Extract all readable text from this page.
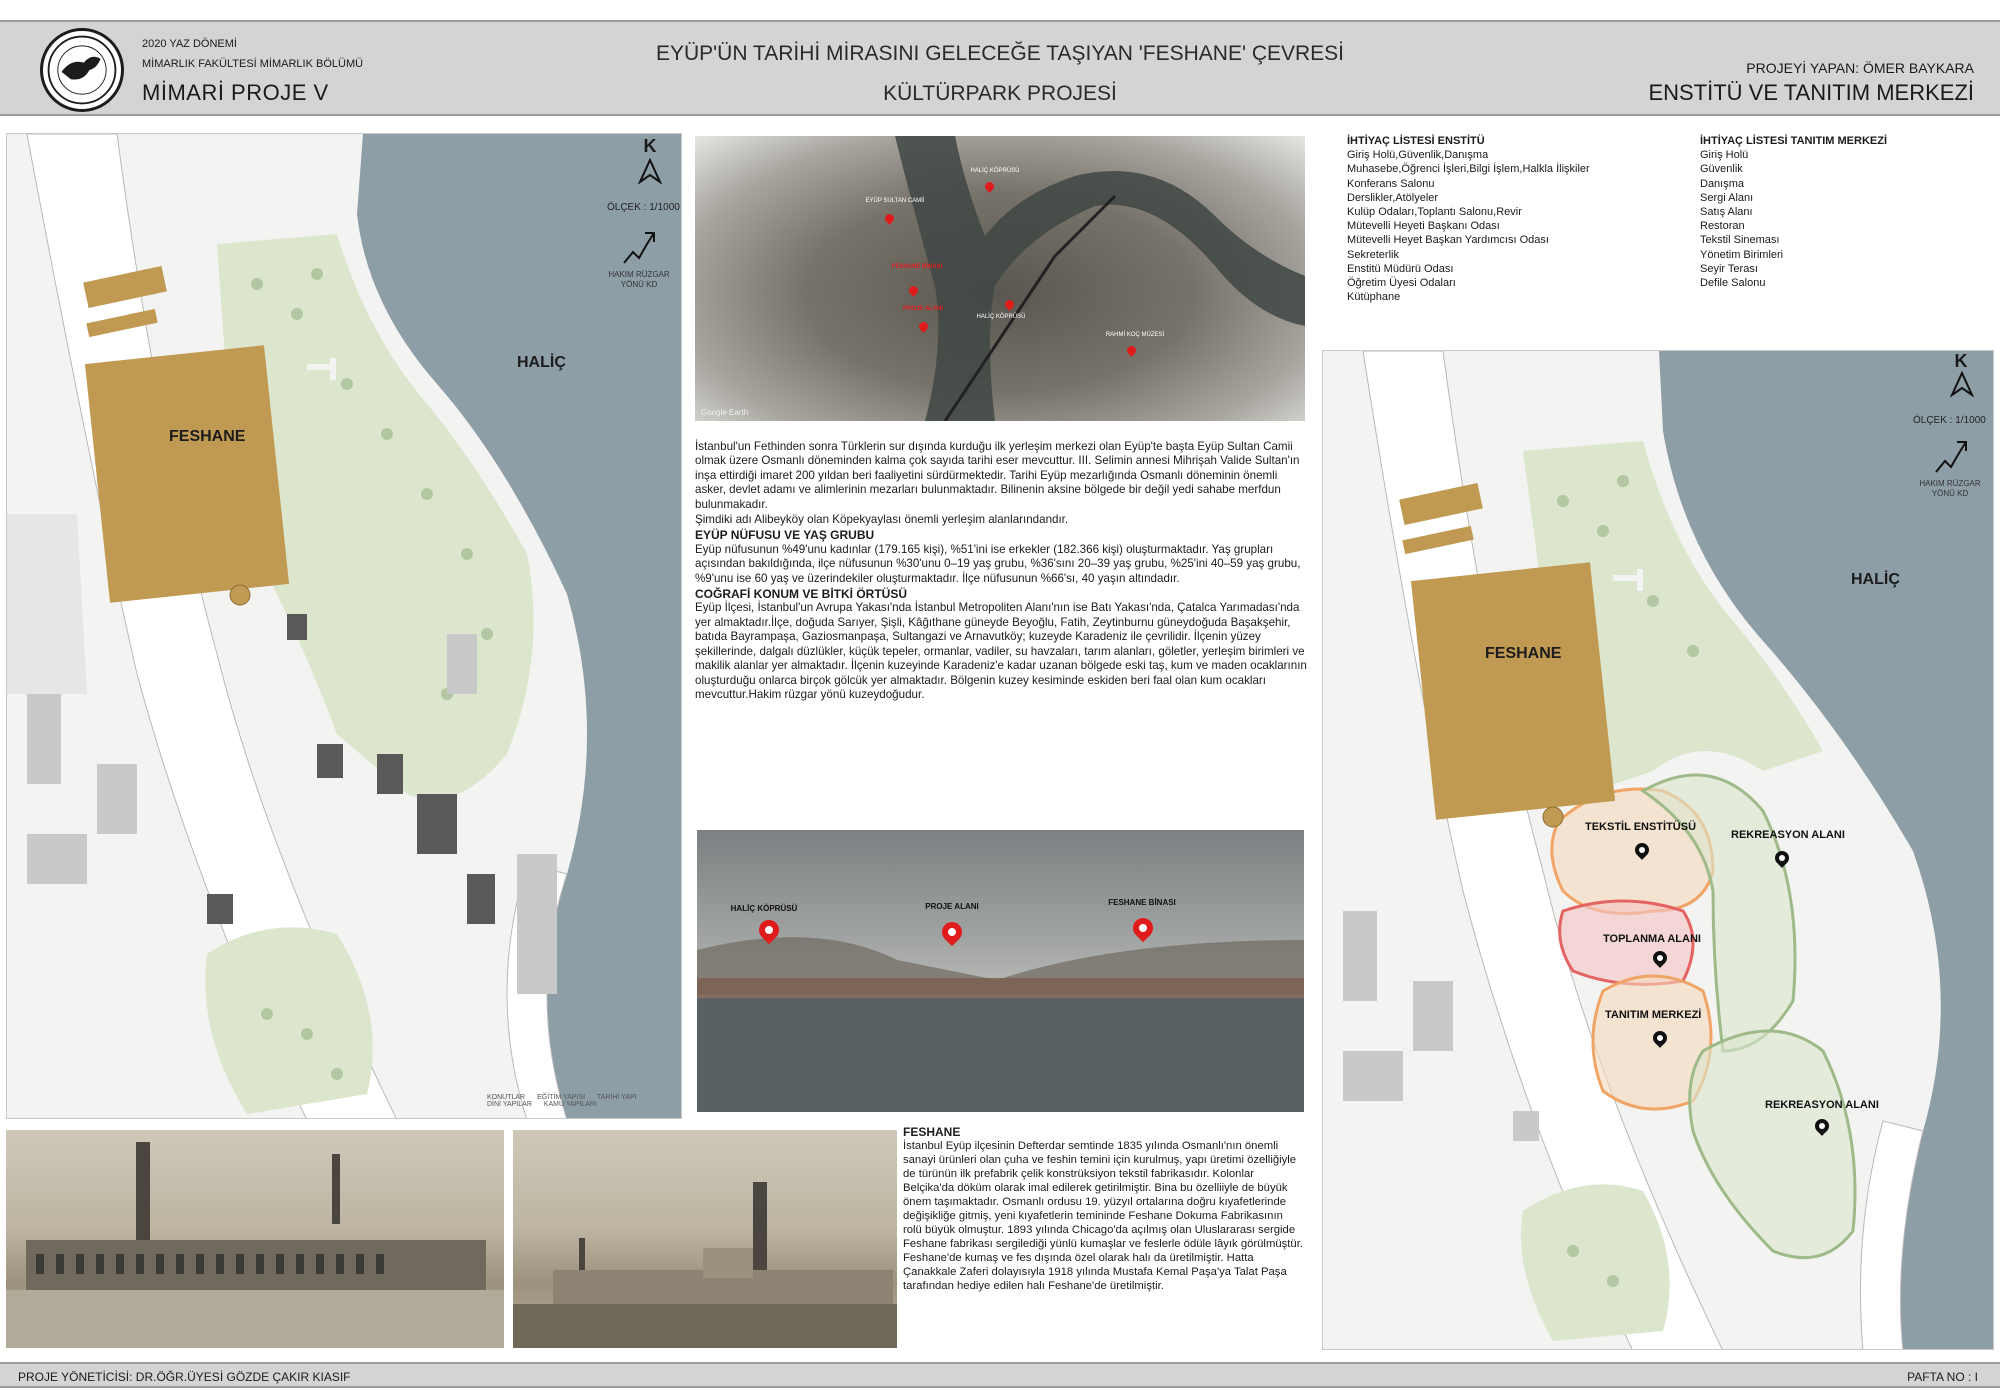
2020 YAZ DÖNEMİ
MİMARLIK FAKÜLTESİ MİMARLIK BÖLÜMÜ
MİMARİ PROJE V
EYÜP'ÜN TARİHİ MİRASINI GELECEĞE TAŞIYAN 'FESHANE' ÇEVRESİ
KÜLTÜRPARK PROJESİ
PROJEYİ YAPAN: ÖMER BAYKARA
ENSTİTÜ VE TANITIM MERKEZİ
FESHANE
HALİÇ
K
ÖLÇEK : 1/1000
HAKIM RÜZGAR YÖNÜ KD
KONUTLAR EĞİTİM YAPISI TARİHİ YAPI
DİNİ YAPILAR KAMU YAPILARI
HALİÇ KÖPRÜSÜ
EYÜP SULTAN CAMİİ
FESHANE BİNASI
PROJE ALANI
HALİÇ KÖPRÜSÜ
RAHMİ KOÇ MÜZESİ
Google Earth

İstanbul'un Fethinden sonra Türklerin sur dışında kurduğu ilk yerleşim merkezi olan Eyüp'te başta Eyüp Sultan Camii olmak üzere Osmanlı döneminden kalma çok sayıda tarihi eser mevcuttur. III. Selimin annesi Mihrişah Valide Sultan'ın inşa ettirdiği imaret 200 yıldan beri faaliyetini sürdürmektedir. Tarihi Eyüp mezarlığında Osmanlı döneminin önemli asker, devlet adamı ve alimlerinin mezarları bulunmaktadır. Bilinenin aksine bölgede bir değil yedi sahabe merfdun bulunmakadır.

Şimdiki adı Alibeyköy olan Köpekyaylası önemli yerleşim alanlarındandır.

EYÜP NÜFUSU VE YAŞ GRUBU

Eyüp nüfusunun %49'unu kadınlar (179.165 kişi), %51'ini ise erkekler (182.366 kişi) oluşturmaktadır. Yaş grupları açısından bakıldığında, ilçe nüfusunun %30'unu 0–19 yaş grubu, %36'sını 20–39 yaş grubu, %25'ini 40–59 yaş grubu, %9'unu ise 60 yaş ve üzerindekiler oluşturmaktadır. İlçe nüfusunun %66'sı, 40 yaşın altındadır.

COĞRAFİ KONUM VE BİTKİ ÖRTÜSÜ

Eyüp İlçesi, İstanbul'un Avrupa Yakası'nda İstanbul Metropoliten Alanı'nın ise Batı Yakası'nda, Çatalca Yarımadası'nda yer almaktadır.İlçe, doğuda Sarıyer, Şişli, Kâğıthane güneyde Beyoğlu, Fatih, Zeytinburnu güneydoğuda Başakşehir, batıda Bayrampaşa, Gaziosmanpaşa, Sultangazi ve Arnavutköy; kuzeyde Karadeniz ile çevrilidir. İlçenin yüzey şekillerinde, dalgalı düzlükler, küçük tepeler, ormanlar, vadiler, su havzaları, tarım alanları, göletler, yerleşim birimleri ve makilik alanlar yer almaktadır. İlçenin kuzeyinde Karadeniz'e kadar uzanan bölgede eski taş, kum ve maden ocaklarının oluşturduğu onlarca birçok gölcük yer almaktadır. Bölgenin kuzey kesiminde eskiden beri faal olan kum ocakları mevcuttur.Hakim rüzgar yönü kuzeydoğudur.

HALİÇ KÖPRÜSÜ	PROJE ALANI	FESHANE BİNASI
FESHANE

İstanbul Eyüp ilçesinin Defterdar semtinde 1835 yılında Osmanlı'nın önemli sanayi ürünleri olan çuha ve feshin temini için kurulmuş, yapı üretimi özelliğiyle de türünün ilk prefabrik çelik konstrüksiyon tekstil fabrikasıdır. Kolonlar Belçika'da döküm olarak imal edilerek getirilmiştir. Bina bu özelliiyle de büyük önem taşımaktadır. Osmanlı ordusu 19. yüzyıl ortalarına doğru kıyafetlerinde değişikliğe gitmiş, yeni kıyafetlerin temininde Feshane Dokuma Fabrikasının rolü büyük olmuştur. 1893 yılında Chicago'da açılmış olan Uluslararası sergide Feshane fabrikası sergilediği yünlü kumaşlar ve feslerle ödüle lâyık görülmüştür. Feshane'de kumaş ve fes dışında özel olarak halı da üretilmiştir. Hatta Çanakkale Zaferi dolayısıyla 1918 yılında Mustafa Kemal Paşa'ya Talat Paşa tarafından hediye edilen halı Feshane'de üretilmiştir.

İHTİYAÇ LİSTESİ ENSTİTÜ
Giriş Holü,Güvenlik,Danışma
Muhasebe,Öğrenci İşleri,Bilgi İşlem,Halkla İlişkiler
Konferans Salonu
Derslikler,Atölyeler
Kulüp Odaları,Toplantı Salonu,Revir
Mütevelli Heyeti Başkanı Odası
Mütevelli Heyet Başkan Yardımcısı Odası
Sekreterlik
Enstitü Müdürü Odası
Öğretim Üyesi Odaları
Kütüphane
İHTİYAÇ LİSTESİ TANITIM MERKEZİ
Giriş Holü
Güvenlik
Danışma
Sergi Alanı
Satış Alanı
Restoran
Tekstil Sineması
Yönetim Birimleri
Seyir Terası
Defile Salonu
FESHANE
HALİÇ
K
ÖLÇEK : 1/1000
HAKIM RÜZGAR YÖNÜ KD
TEKSTİL ENSTİTÜSÜ
REKREASYON ALANI
TOPLANMA ALANI
TANITIM MERKEZİ
REKREASYON ALANI
PROJE YÖNETİCİSİ: DR.ÖĞR.ÜYESİ GÖZDE ÇAKIR KIASIF	PAFTA NO : I
